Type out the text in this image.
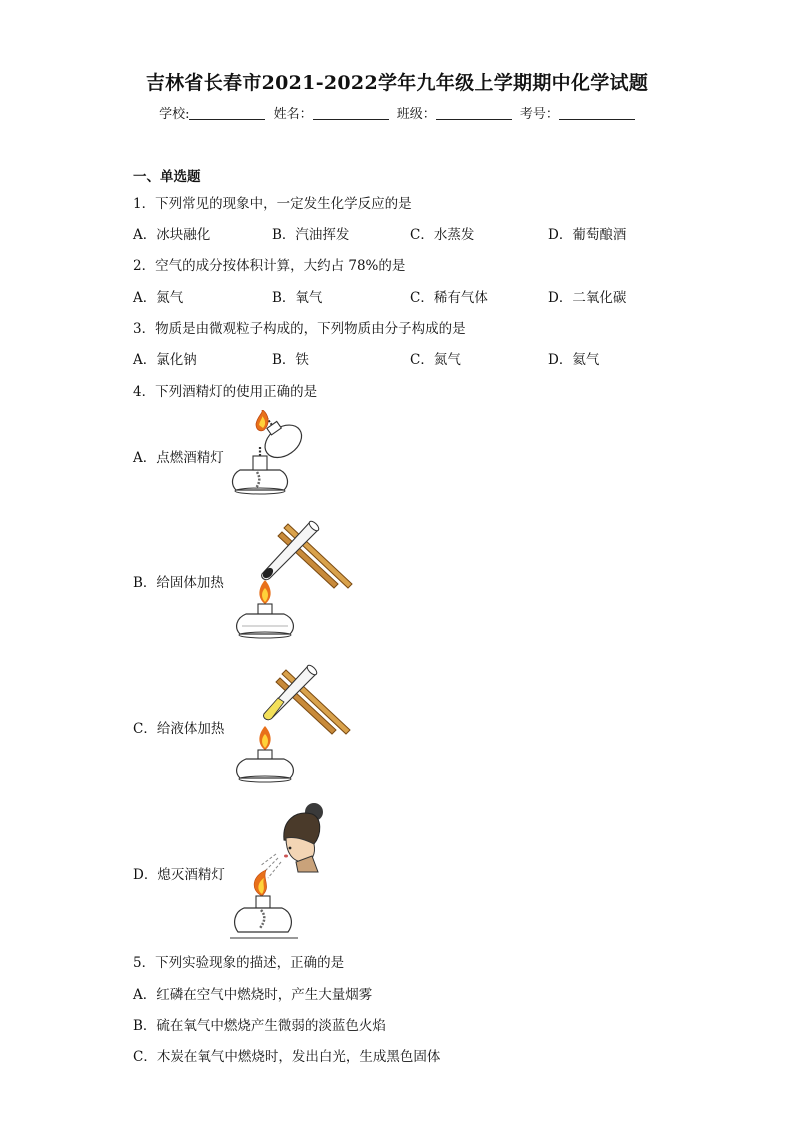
吉林省长春市2021-2022学年九年级上学期期中化学试题
学校:	姓名：	班级：	考号：
一、单选题
1．下列常见的现象中，一定发生化学反应的是
A．冰块融化	B．汽油挥发	C．水蒸发	D．葡萄酿酒
2．空气的成分按体积计算，大约占 78%的是
A．氮气	B．氧气	C．稀有气体	D．二氧化碳
3．物质是由微观粒子构成的，下列物质由分子构成的是
A．氯化钠	B．铁	C．氮气	D．氦气
4．下列酒精灯的使用正确的是
A．点燃酒精灯
B．给固体加热
C．给液体加热
D．熄灭酒精灯
5．下列实验现象的描述，正确的是
A．红磷在空气中燃烧时，产生大量烟雾
B．硫在氧气中燃烧产生微弱的淡蓝色火焰
C．木炭在氧气中燃烧时，发出白光，生成黑色固体
